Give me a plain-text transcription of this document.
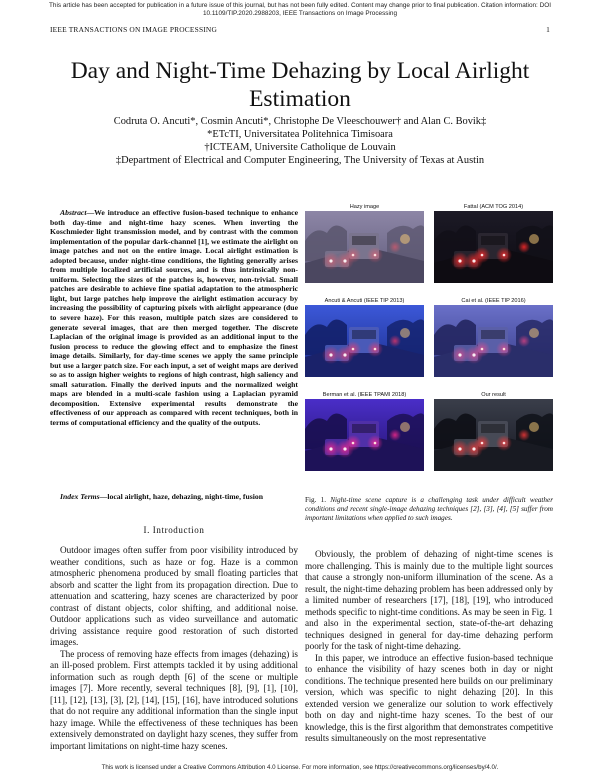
This article has been accepted for publication in a future issue of this journal, but has not been fully edited. Content may change prior to final publication. Citation information: DOI 10.1109/TIP.2020.2988203, IEEE Transactions on Image Processing
IEEE TRANSACTIONS ON IMAGE PROCESSING	1
Day and Night-Time Dehazing by Local Airlight Estimation
Codruta O. Ancuti*, Cosmin Ancuti*, Christophe De Vleeschouwer† and Alan C. Bovik‡
*ETcTI, Universitatea Politehnica Timisoara
†ICTEAM, Universite Catholique de Louvain
‡Department of Electrical and Computer Engineering, The University of Texas at Austin
Abstract—We introduce an effective fusion-based technique to enhance both day-time and night-time hazy scenes. When inverting the Koschmieder light transmission model, and by contrast with the common implementation of the popular dark-channel [1], we estimate the airlight on image patches and not on the entire image. Local airlight estimation is adopted because, under night-time conditions, the lighting generally arises from multiple localized artificial sources, and is thus intrinsically non-uniform. Selecting the sizes of the patches is, however, non-trivial. Small patches are desirable to achieve fine spatial adaptation to the atmospheric light, but large patches help improve the airlight estimation accuracy by increasing the possibility of capturing pixels with airlight appearance (due to severe haze). For this reason, multiple patch sizes are considered to generate several images, that are then merged together. The discrete Laplacian of the original image is provided as an additional input to the fusion process to reduce the glowing effect and to emphasize the finest image details. Similarly, for day-time scenes we apply the same principle but use a larger patch size. For each input, a set of weight maps are derived so as to assign higher weights to regions of high contrast, high saliency and small saturation. Finally the derived inputs and the normalized weight maps are blended in a multi-scale fashion using a Laplacian pyramid decomposition. Extensive experimental results demonstrate the effectiveness of our approach as compared with recent techniques, both in terms of computational efficiency and the quality of the outputs.
Index Terms—local airlight, haze, dehazing, night-time, fusion
I. Introduction

Outdoor images often suffer from poor visibility introduced by weather conditions, such as haze or fog. Haze is a common atmospheric phenomena produced by small floating particles that absorb and scatter the light from its propagation direction. Due to attenuation and scattering, hazy scenes are characterized by poor contrast of distant objects, color shifting, and additional noise. Outdoor applications such as video surveillance and automatic driving assistance require good restoration of such distorted images.

The process of removing haze effects from images (dehazing) is an ill-posed problem. First attempts tackled it by using additional information such as rough depth [6] of the scene or multiple images [7]. More recently, several techniques [8], [9], [1], [10], [11], [12], [13], [3], [2], [14], [15], [16], have introduced solutions that do not require any additional information than the single input hazy image. While the effectiveness of these techniques has been extensively demonstrated on daylight hazy scenes, they suffer from important limitations on night-time hazy scenes.

Obviously, the problem of dehazing of night-time scenes is more challenging. This is mainly due to the multiple light sources that cause a strongly non-uniform illumination of the scene. As a result, the night-time dehazing problem has been addressed only by a limited number of researchers [17], [18], [19], who introduced methods specific to night-time conditions. As may be seen in Fig. 1 and also in the experimental section, state-of-the-art dehazing techniques designed in general for day-time dehazing perform poorly for the task of night-time dehazing.

In this paper, we introduce an effective fusion-based technique to enhance the visibility of hazy scenes both in day or night conditions. The technique presented here builds on our preliminary version, which was specific to night dehazing [20]. In this extended version we generalize our solution to work effectively both on day and night-time hazy scenes. To the best of our knowledge, this is the first algorithm that demonstrates competitive results simultaneously on the most representative

Hazy image	Fattal (ACM TOG 2014)
Ancuti & Ancuti (IEEE TIP 2013)	Cai et al. (IEEE TIP 2016)
Berman et al. (IEEE TPAMI 2018)	Our result
Fig. 1. Night-time scene capture is a challenging task under difficult weather conditions and recent single-image dehazing techniques [2], [3], [4], [5] suffer from important limitations when applied to such images.
This work is licensed under a Creative Commons Attribution 4.0 License. For more information, see https://creativecommons.org/licenses/by/4.0/.
